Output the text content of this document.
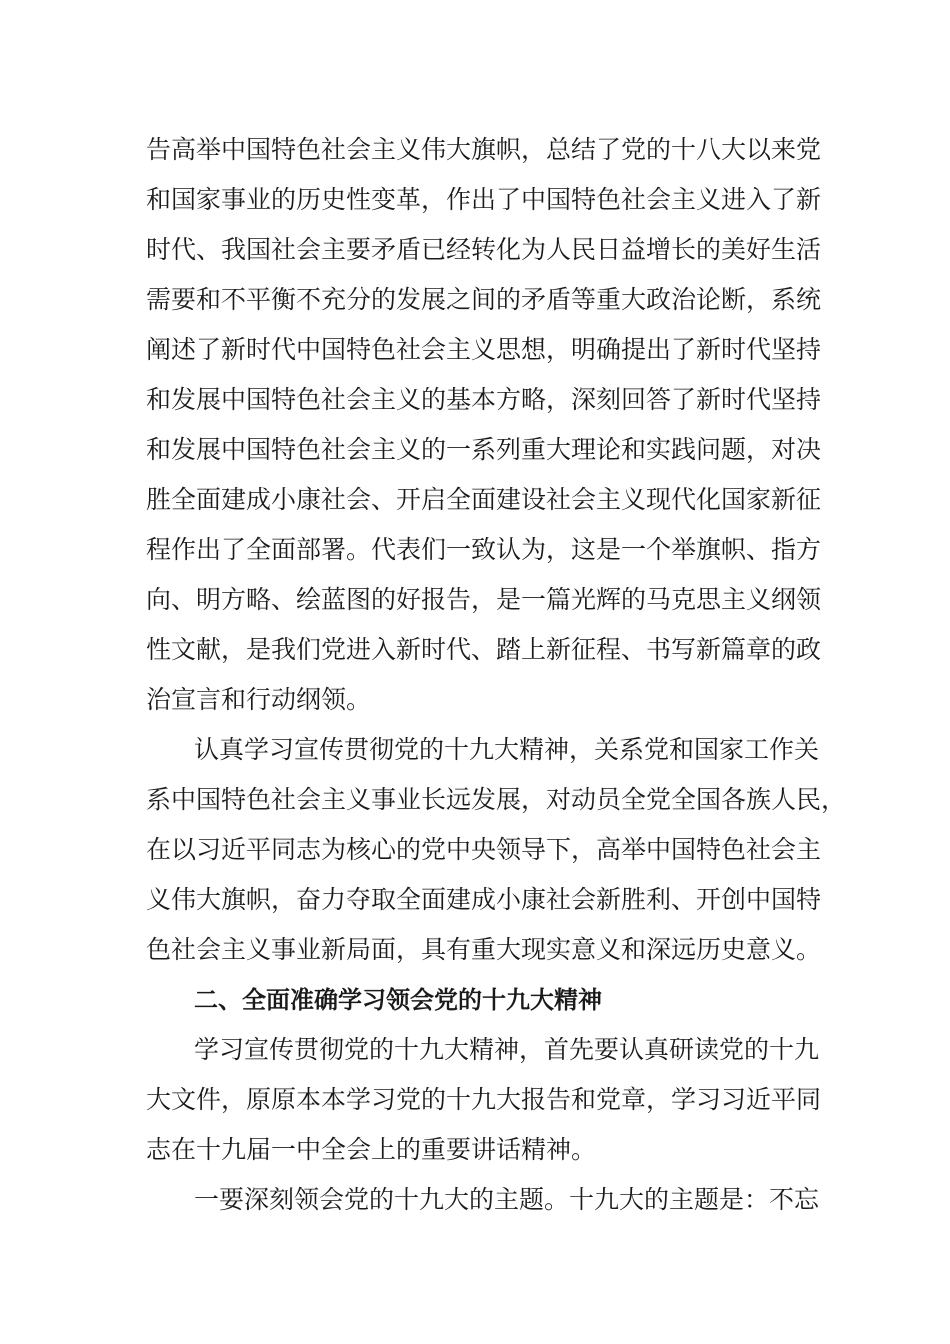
告高举中国特色社会主义伟大旗帜，总结了党的十八大以来党
和国家事业的历史性变革，作出了中国特色社会主义进入了新
时代、我国社会主要矛盾已经转化为人民日益增长的美好生活
需要和不平衡不充分的发展之间的矛盾等重大政治论断，系统
阐述了新时代中国特色社会主义思想，明确提出了新时代坚持
和发展中国特色社会主义的基本方略，深刻回答了新时代坚持
和发展中国特色社会主义的一系列重大理论和实践问题，对决
胜全面建成小康社会、开启全面建设社会主义现代化国家新征
程作出了全面部署。代表们一致认为，这是一个举旗帜、指方
向、明方略、绘蓝图的好报告，是一篇光辉的马克思主义纲领
性文献，是我们党进入新时代、踏上新征程、书写新篇章的政
治宣言和行动纲领。
认真学习宣传贯彻党的十九大精神，关系党和国家工作关
系中国特色社会主义事业长远发展，对动员全党全国各族人民，
在以习近平同志为核心的党中央领导下，高举中国特色社会主
义伟大旗帜，奋力夺取全面建成小康社会新胜利、开创中国特
色社会主义事业新局面，具有重大现实意义和深远历史意义。
二、全面准确学习领会党的十九大精神
学习宣传贯彻党的十九大精神，首先要认真研读党的十九
大文件，原原本本学习党的十九大报告和党章，学习习近平同
志在十九届一中全会上的重要讲话精神。
一要深刻领会党的十九大的主题。十九大的主题是：不忘
